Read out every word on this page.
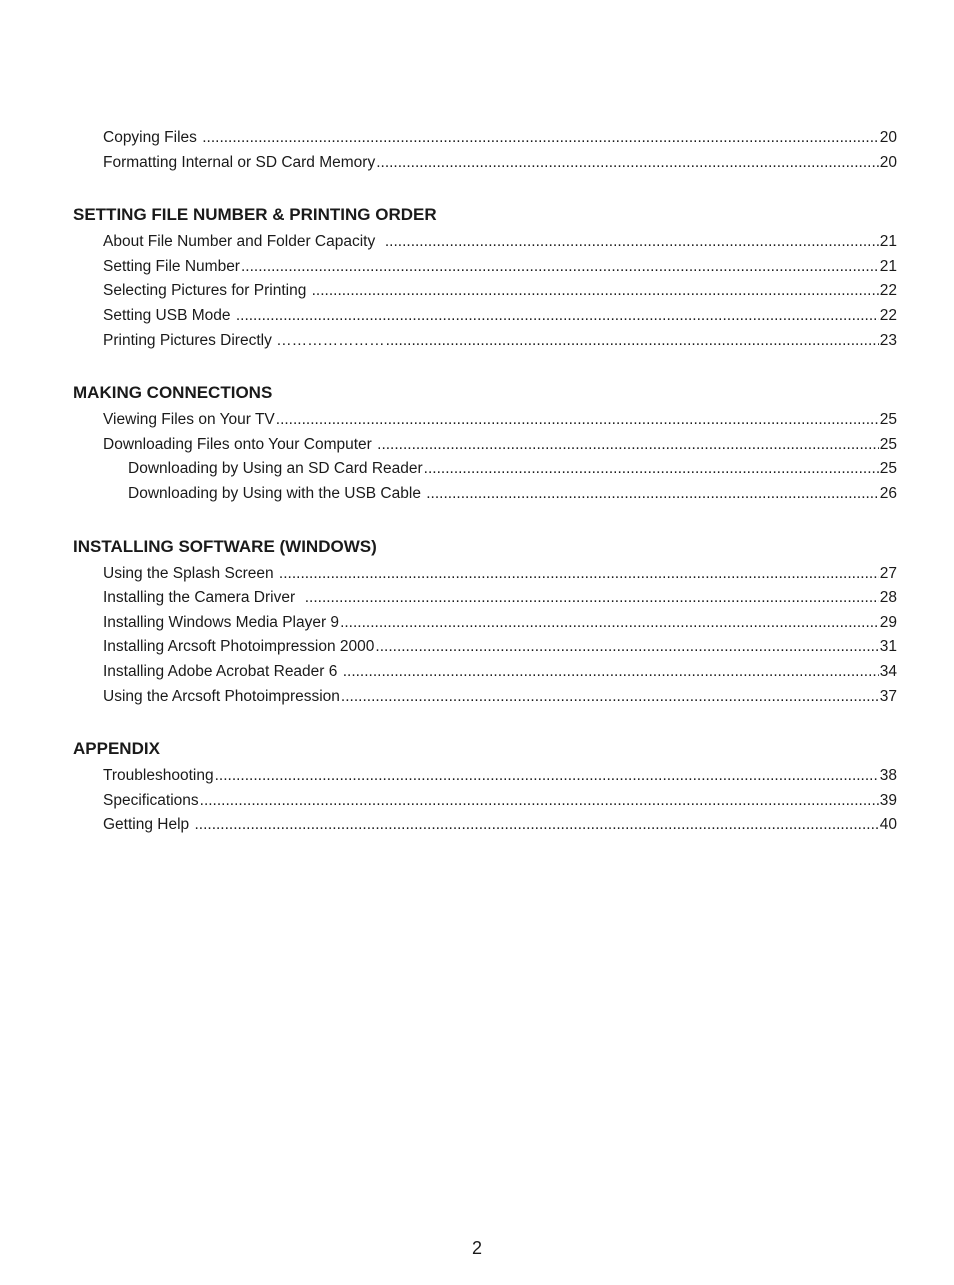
Copying Files .....	20
Formatting Internal or SD Card Memory .....	20
SETTING FILE NUMBER & PRINTING ORDER
About File Number and Folder Capacity .....	21
Setting File Number .....	21
Selecting Pictures for Printing .....	22
Setting USB Mode .....	22
Printing Pictures Directly ………………… .....	23
MAKING CONNECTIONS
Viewing Files on Your TV .....	25
Downloading Files onto Your Computer .....	25
Downloading by Using an SD Card Reader .....	25
Downloading by Using with the USB Cable .....	26
INSTALLING SOFTWARE (WINDOWS)
Using the Splash Screen .....	27
Installing the Camera Driver .....	28
Installing Windows Media Player 9 .....	29
Installing Arcsoft Photoimpression 2000 .....	31
Installing Adobe Acrobat Reader 6 .....	34
Using the Arcsoft Photoimpression .....	37
APPENDIX
Troubleshooting .....	38
Specifications .....	39
Getting Help .....	40
2
